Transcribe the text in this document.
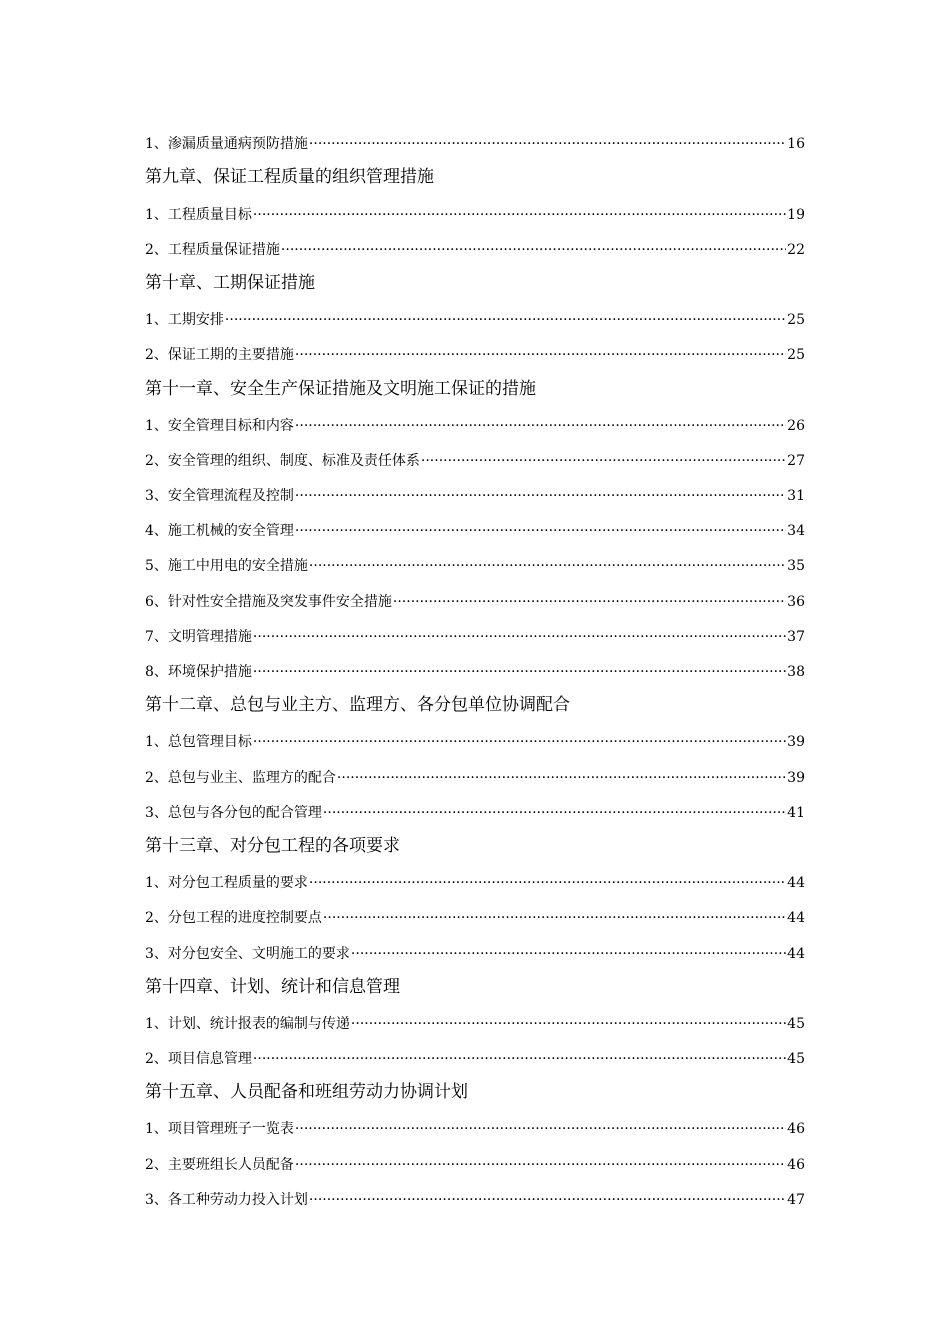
1、渗漏质量通病预防措施 ·····	16
第九章、保证工程质量的组织管理措施
1、工程质量目标 ·····	19
2、工程质量保证措施 ·····	22
第十章、工期保证措施
1、工期安排 ·····	25
2、保证工期的主要措施 ·····	25
第十一章、安全生产保证措施及文明施工保证的措施
1、安全管理目标和内容 ·····	26
2、安全管理的组织、制度、标准及责任体系 ·····	27
3、安全管理流程及控制 ·····	31
4、施工机械的安全管理 ·····	34
5、施工中用电的安全措施 ·····	35
6、针对性安全措施及突发事件安全措施 ·····	36
7、文明管理措施 ·····	37
8、环境保护措施 ·····	38
第十二章、总包与业主方、监理方、各分包单位协调配合
1、总包管理目标 ·····	39
2、总包与业主、监理方的配合 ·····	39
3、总包与各分包的配合管理 ·····	41
第十三章、对分包工程的各项要求
1、对分包工程质量的要求 ·····	44
2、分包工程的进度控制要点 ·····	44
3、对分包安全、文明施工的要求 ·····	44
第十四章、计划、统计和信息管理
1、计划、统计报表的编制与传递 ·····	45
2、项目信息管理 ·····	45
第十五章、人员配备和班组劳动力协调计划
1、项目管理班子一览表 ·····	46
2、主要班组长人员配备 ·····	46
3、各工种劳动力投入计划 ·····	47
